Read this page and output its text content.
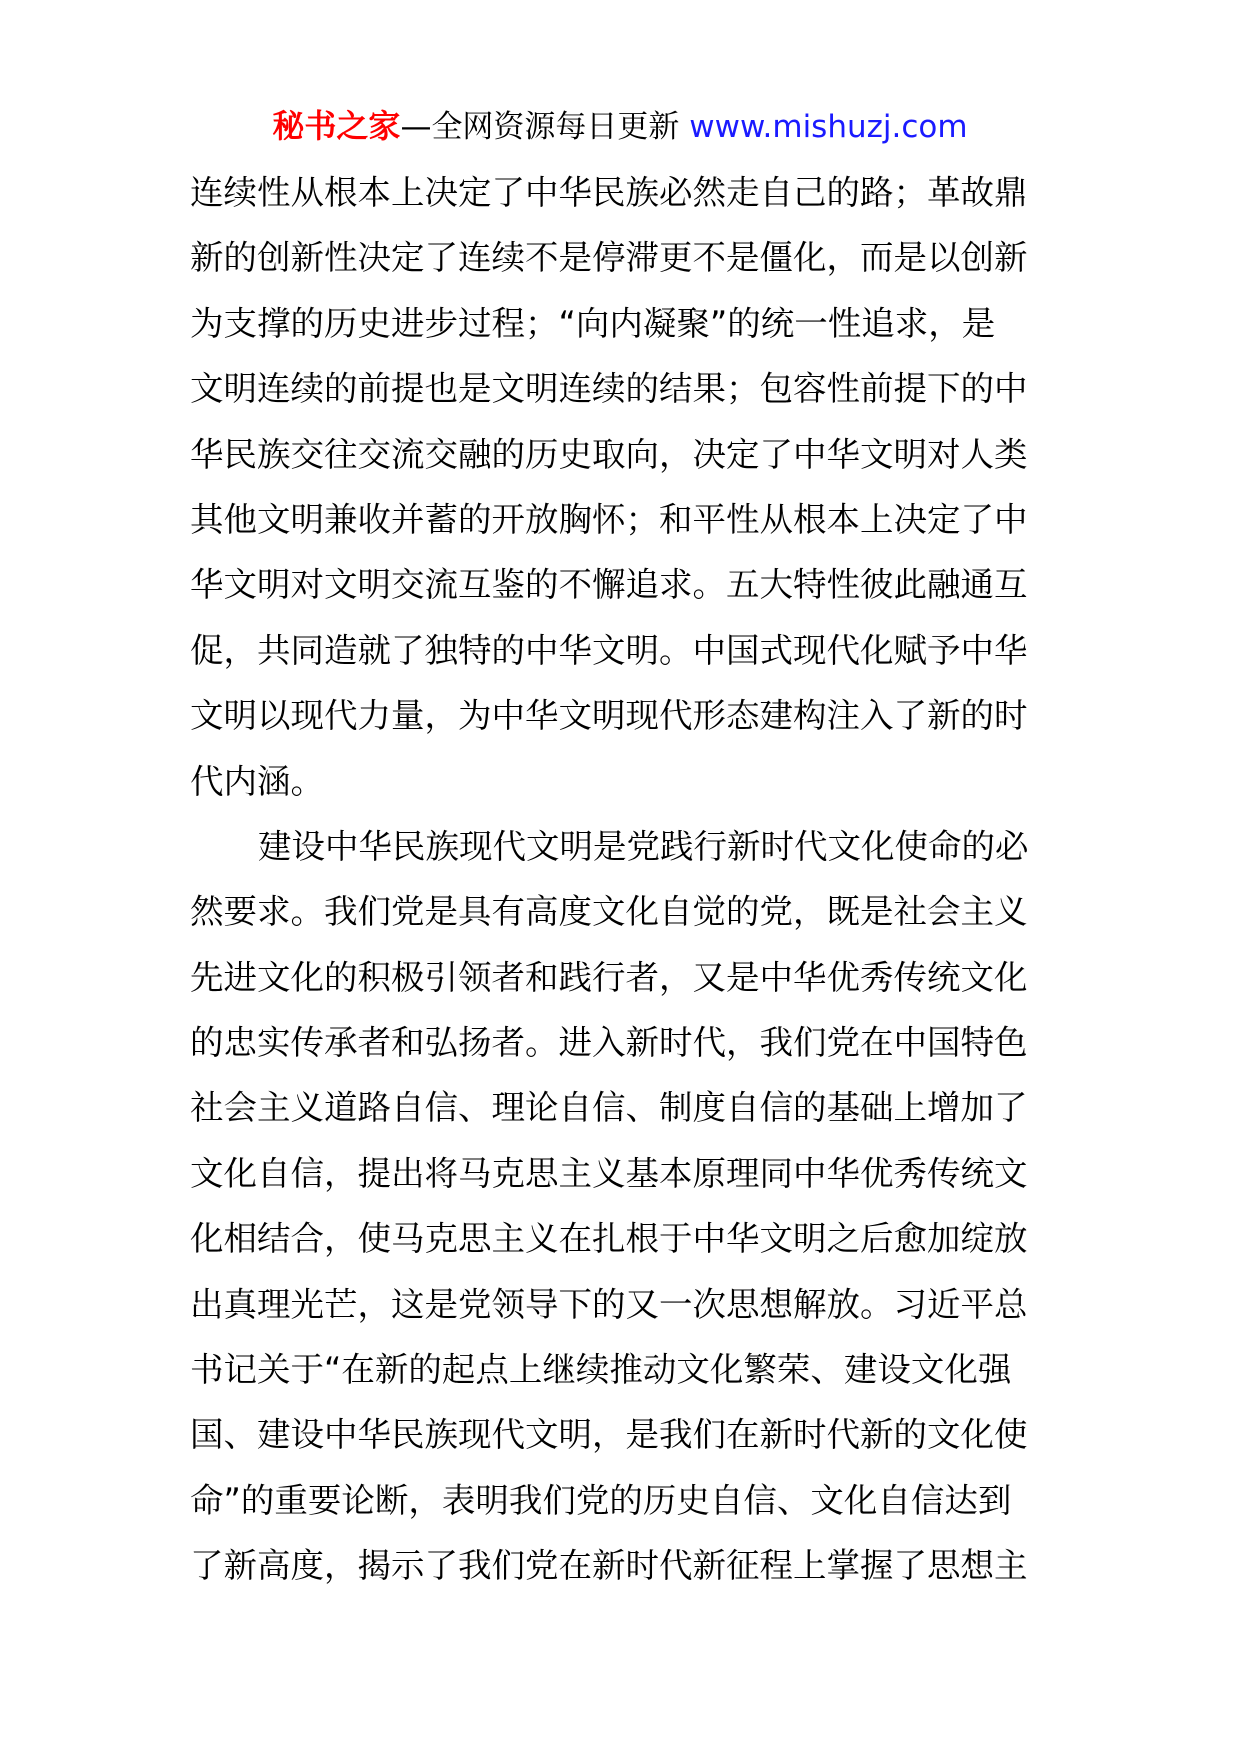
秘书之家—全网资源每日更新 www.mishuzj.com
连续性从根本上决定了中华民族必然走自己的路；革故鼎
新的创新性决定了连续不是停滞更不是僵化，而是以创新
为支撑的历史进步过程；“向内凝聚”的统一性追求，是
文明连续的前提也是文明连续的结果；包容性前提下的中
华民族交往交流交融的历史取向，决定了中华文明对人类
其他文明兼收并蓄的开放胸怀；和平性从根本上决定了中
华文明对文明交流互鉴的不懈追求。五大特性彼此融通互
促，共同造就了独特的中华文明。中国式现代化赋予中华
文明以现代力量，为中华文明现代形态建构注入了新的时
代内涵。
建设中华民族现代文明是党践行新时代文化使命的必
然要求。我们党是具有高度文化自觉的党，既是社会主义
先进文化的积极引领者和践行者，又是中华优秀传统文化
的忠实传承者和弘扬者。进入新时代，我们党在中国特色
社会主义道路自信、理论自信、制度自信的基础上增加了
文化自信，提出将马克思主义基本原理同中华优秀传统文
化相结合，使马克思主义在扎根于中华文明之后愈加绽放
出真理光芒，这是党领导下的又一次思想解放。习近平总
书记关于“在新的起点上继续推动文化繁荣、建设文化强
国、建设中华民族现代文明，是我们在新时代新的文化使
命”的重要论断，表明我们党的历史自信、文化自信达到
了新高度，揭示了我们党在新时代新征程上掌握了思想主
